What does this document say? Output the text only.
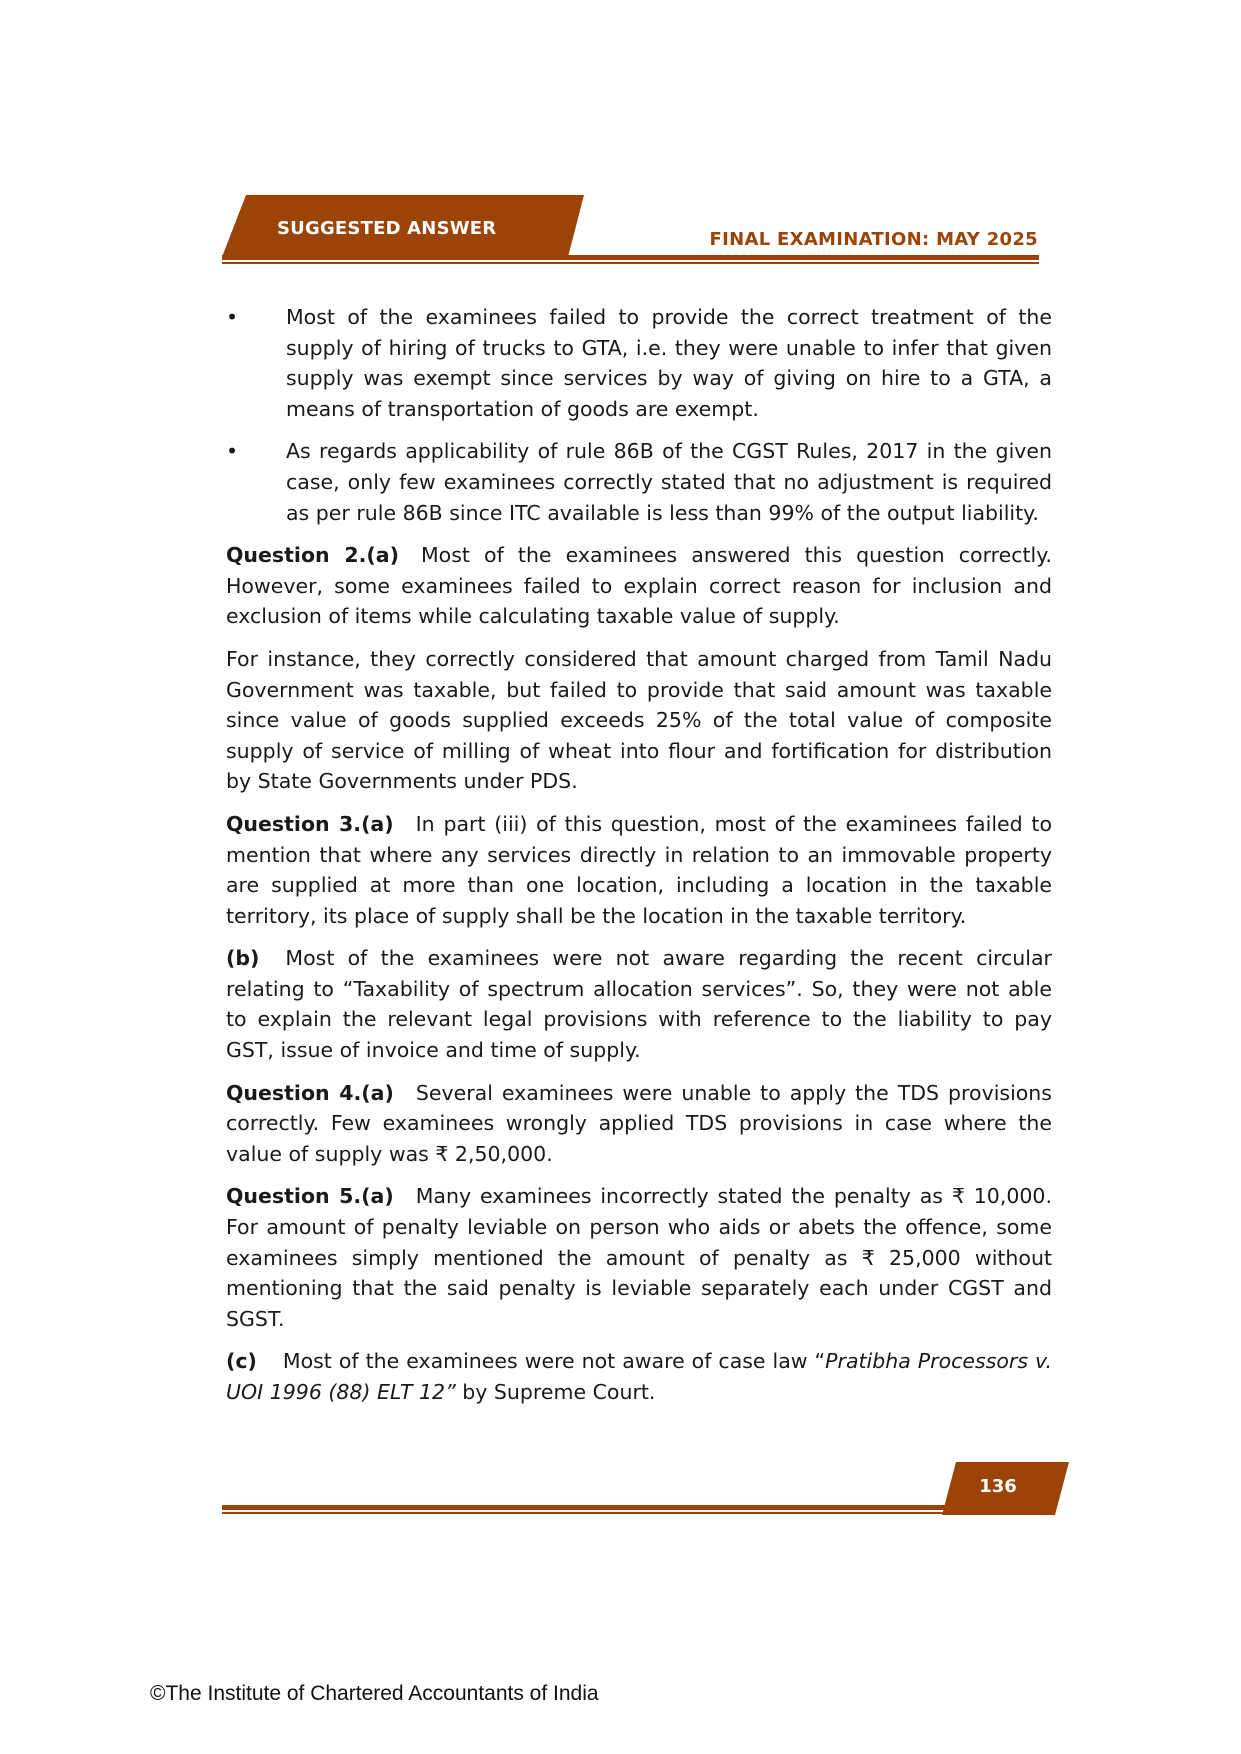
SUGGESTED ANSWER
FINAL EXAMINATION: MAY 2025
• Most of the examinees failed to provide the correct treatment of the supply of hiring of trucks to GTA, i.e. they were unable to infer that given supply was exempt since services by way of giving on hire to a GTA, a means of transportation of goods are exempt.
• As regards applicability of rule 86B of the CGST Rules, 2017 in the given case, only few examinees correctly stated that no adjustment is required as per rule 86B since ITC available is less than 99% of the output liability.

Question 2.(a) Most of the examinees answered this question correctly. However, some examinees failed to explain correct reason for inclusion and exclusion of items while calculating taxable value of supply.

For instance, they correctly considered that amount charged from Tamil Nadu Government was taxable, but failed to provide that said amount was taxable since value of goods supplied exceeds 25% of the total value of composite supply of service of milling of wheat into flour and fortification for distribution by State Governments under PDS.

Question 3.(a) In part (iii) of this question, most of the examinees failed to mention that where any services directly in relation to an immovable property are supplied at more than one location, including a location in the taxable territory, its place of supply shall be the location in the taxable territory.

(b) Most of the examinees were not aware regarding the recent circular relating to “Taxability of spectrum allocation services”. So, they were not able to explain the relevant legal provisions with reference to the liability to pay GST, issue of invoice and time of supply.

Question 4.(a) Several examinees were unable to apply the TDS provisions correctly. Few examinees wrongly applied TDS provisions in case where the value of supply was ₹ 2,50,000.

Question 5.(a) Many examinees incorrectly stated the penalty as ₹ 10,000. For amount of penalty leviable on person who aids or abets the offence, some examinees simply mentioned the amount of penalty as ₹ 25,000 without mentioning that the said penalty is leviable separately each under CGST and SGST.

(c) Most of the examinees were not aware of case law “Pratibha Processors v. UOI 1996 (88) ELT 12” by Supreme Court.

136
©The Institute of Chartered Accountants of India
